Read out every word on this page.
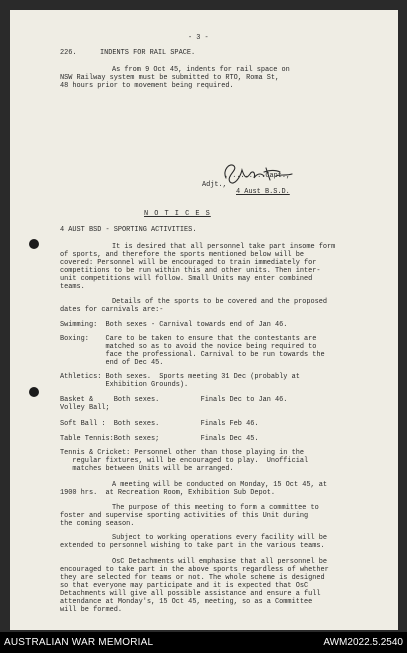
- 3 -
226.	INDENTS FOR RAIL SPACE.
As from 9 Oct 45, indents for rail space on
NSW Railway system must be submitted to RTO, Roma St,
48 hours prior to movement being required.
..........Capt.,
Adjt.,
4 Aust B.S.D.
N O T I C E S
4 AUST BSD - SPORTING ACTIVITIES.
It is desired that all personnel take part insome form
of sports, and therefore the sports mentioned below will be
covered: Personnel will be encouraged to train immediately for
competitions to be run within this and other units. Then inter-
unit competitions will follow. Small Units may enter combined
teams.
Details of the sports to be covered and the proposed
dates for carnivals are:-
Swimming:  Both sexes - Carnival towards end of Jan 46.
Boxing:    Care to be taken to ensure that the contestants are
matched so as to avoid the novice being required to
face the professional. Carnival to be run towards the
end of Dec 45.
Athletics: Both sexes.  Sports meeting 31 Dec (probably at
Exhibition Grounds).
Basket &     Both sexes.          Finals Dec to Jan 46.
Volley Ball;
Soft Ball :  Both sexes.          Finals Feb 46.
Table Tennis:Both sexes;          Finals Dec 45.
Tennis & Cricket: Personnel other than those playing in the
regular fixtures, will be encouraged to play.  Unofficial
matches between Units will be arranged.
A meeting will be conducted on Monday, 15 Oct 45, at
1900 hrs.  at Recreation Room, Exhibition Sub Depot.
The purpose of this meeting to form a committee to
foster and supervise sporting activities of this Unit during
the coming season.
Subject to working operations every facility will be
extended to personnel wishing to take part in the various teams.
OsC Detachments will emphasise that all personnel be
encouraged to take part in the above sports regardless of whether
they are selected for teams or not. The whole scheme is designed
so that everyone may participate and it is expected that OsC
Detachments will give all possible assistance and ensure a full
attendance at Monday's, 15 Oct 45, meeting, so as a Committee
will be formed.
AUSTRALIAN WAR MEMORIAL	AWM2022.5.2540
